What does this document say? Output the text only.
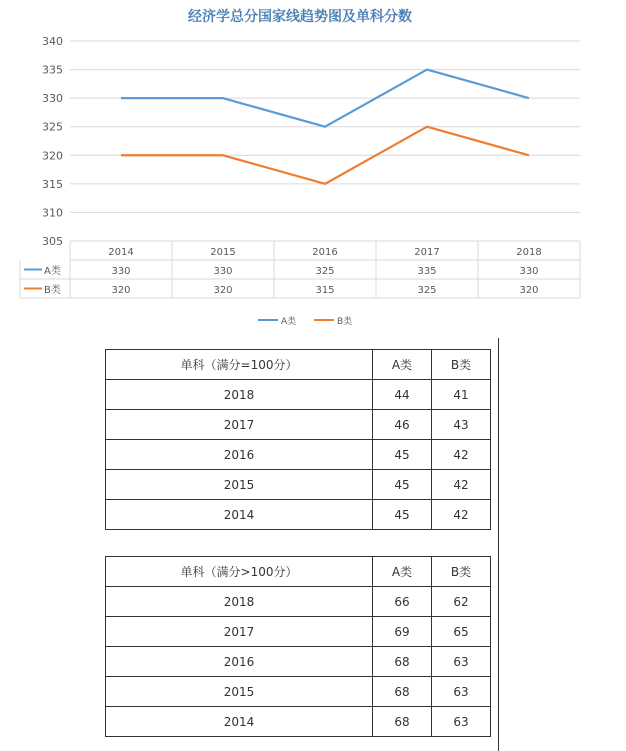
经济学总分国家线趋势图及单科分数
305
310
315
320
325
330
335
340
2014	2015	2016	2017	2018
A类	330	330	325	335	330
B类	320	320	315	325	320
A类	B类
单科（满分=100分）	A类	B类
2018	44	41
2017	46	43
2016	45	42
2015	45	42
2014	45	42
单科（满分>100分）	A类	B类
2018	66	62
2017	69	65
2016	68	63
2015	68	63
2014	68	63
